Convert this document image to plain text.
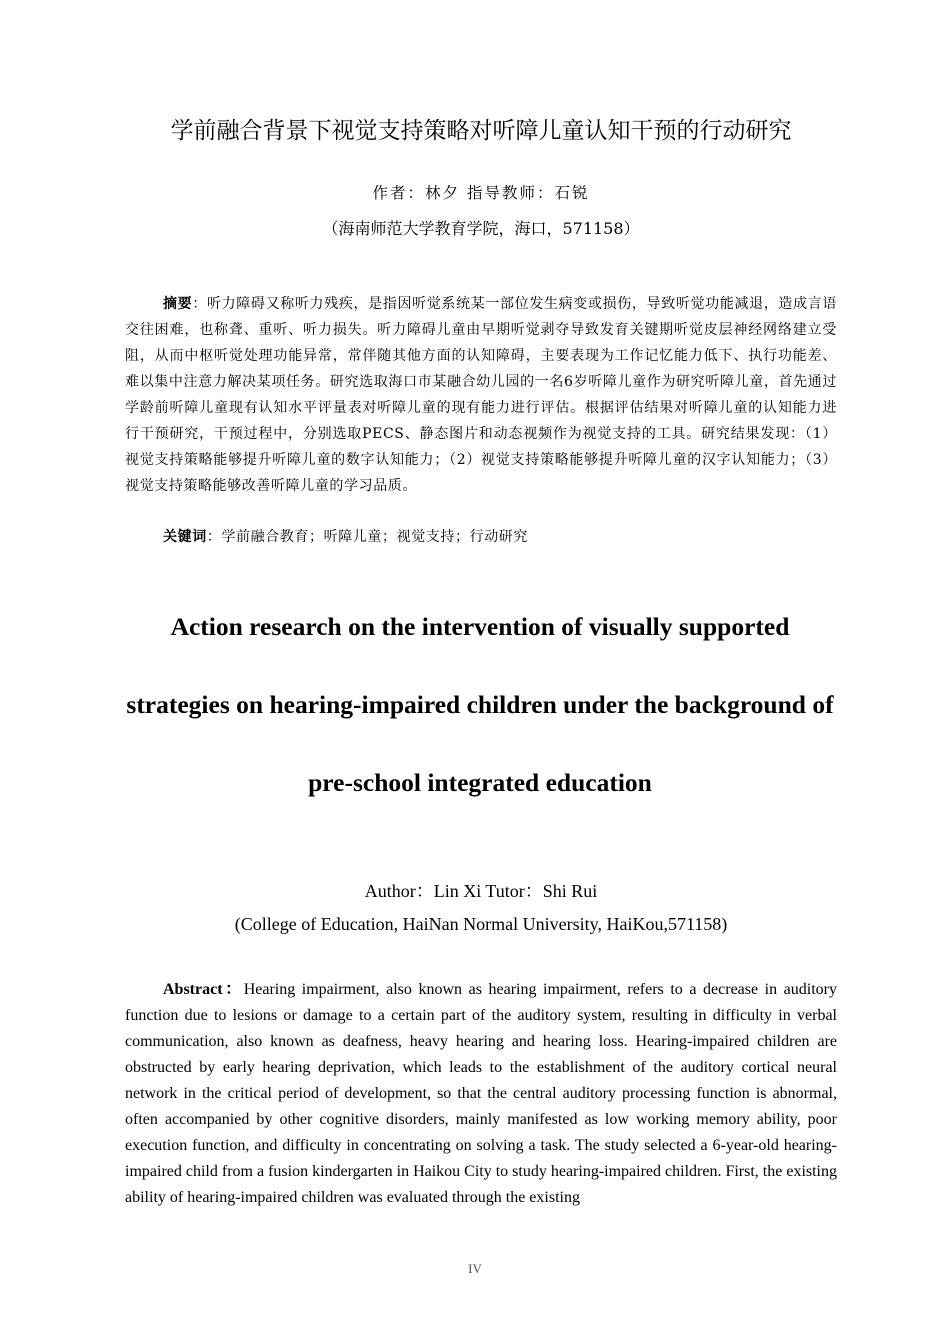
学前融合背景下视觉支持策略对听障儿童认知干预的行动研究
作者：林夕 指导教师：石锐
（海南师范大学教育学院，海口，571158）

摘要：听力障碍又称听力残疾，是指因听觉系统某一部位发生病变或损伤，导致听觉功能减退，造成言语交往困难，也称聋、重听、听力损失。听力障碍儿童由早期听觉剥夺导致发育关键期听觉皮层神经网络建立受阻，从而中枢听觉处理功能异常，常伴随其他方面的认知障碍，主要表现为工作记忆能力低下、执行功能差、难以集中注意力解决某项任务。研究选取海口市某融合幼儿园的一名6岁听障儿童作为研究听障儿童，首先通过学龄前听障儿童现有认知水平评量表对听障儿童的现有能力进行评估。根据评估结果对听障儿童的认知能力进行干预研究，干预过程中，分别选取PECS、静态图片和动态视频作为视觉支持的工具。研究结果发现：（1）视觉支持策略能够提升听障儿童的数字认知能力；（2）视觉支持策略能够提升听障儿童的汉字认知能力；（3）视觉支持策略能够改善听障儿童的学习品质。

关键词：学前融合教育；听障儿童；视觉支持；行动研究

Action research on the intervention of visually supported
strategies on hearing-impaired children under the background of
pre-school integrated education
Author：Lin Xi Tutor：Shi Rui
(College of Education, HaiNan Normal University, HaiKou,571158)

Abstract：Hearing impairment, also known as hearing impairment, refers to a decrease in auditory function due to lesions or damage to a certain part of the auditory system, resulting in difficulty in verbal communication, also known as deafness, heavy hearing and hearing loss. Hearing-impaired children are obstructed by early hearing deprivation, which leads to the establishment of the auditory cortical neural network in the critical period of development, so that the central auditory processing function is abnormal, often accompanied by other cognitive disorders, mainly manifested as low working memory ability, poor execution function, and difficulty in concentrating on solving a task. The study selected a 6-year-old hearing-impaired child from a fusion kindergarten in Haikou City to study hearing-impaired children. First, the existing ability of hearing-impaired children was evaluated through the existing

IV
